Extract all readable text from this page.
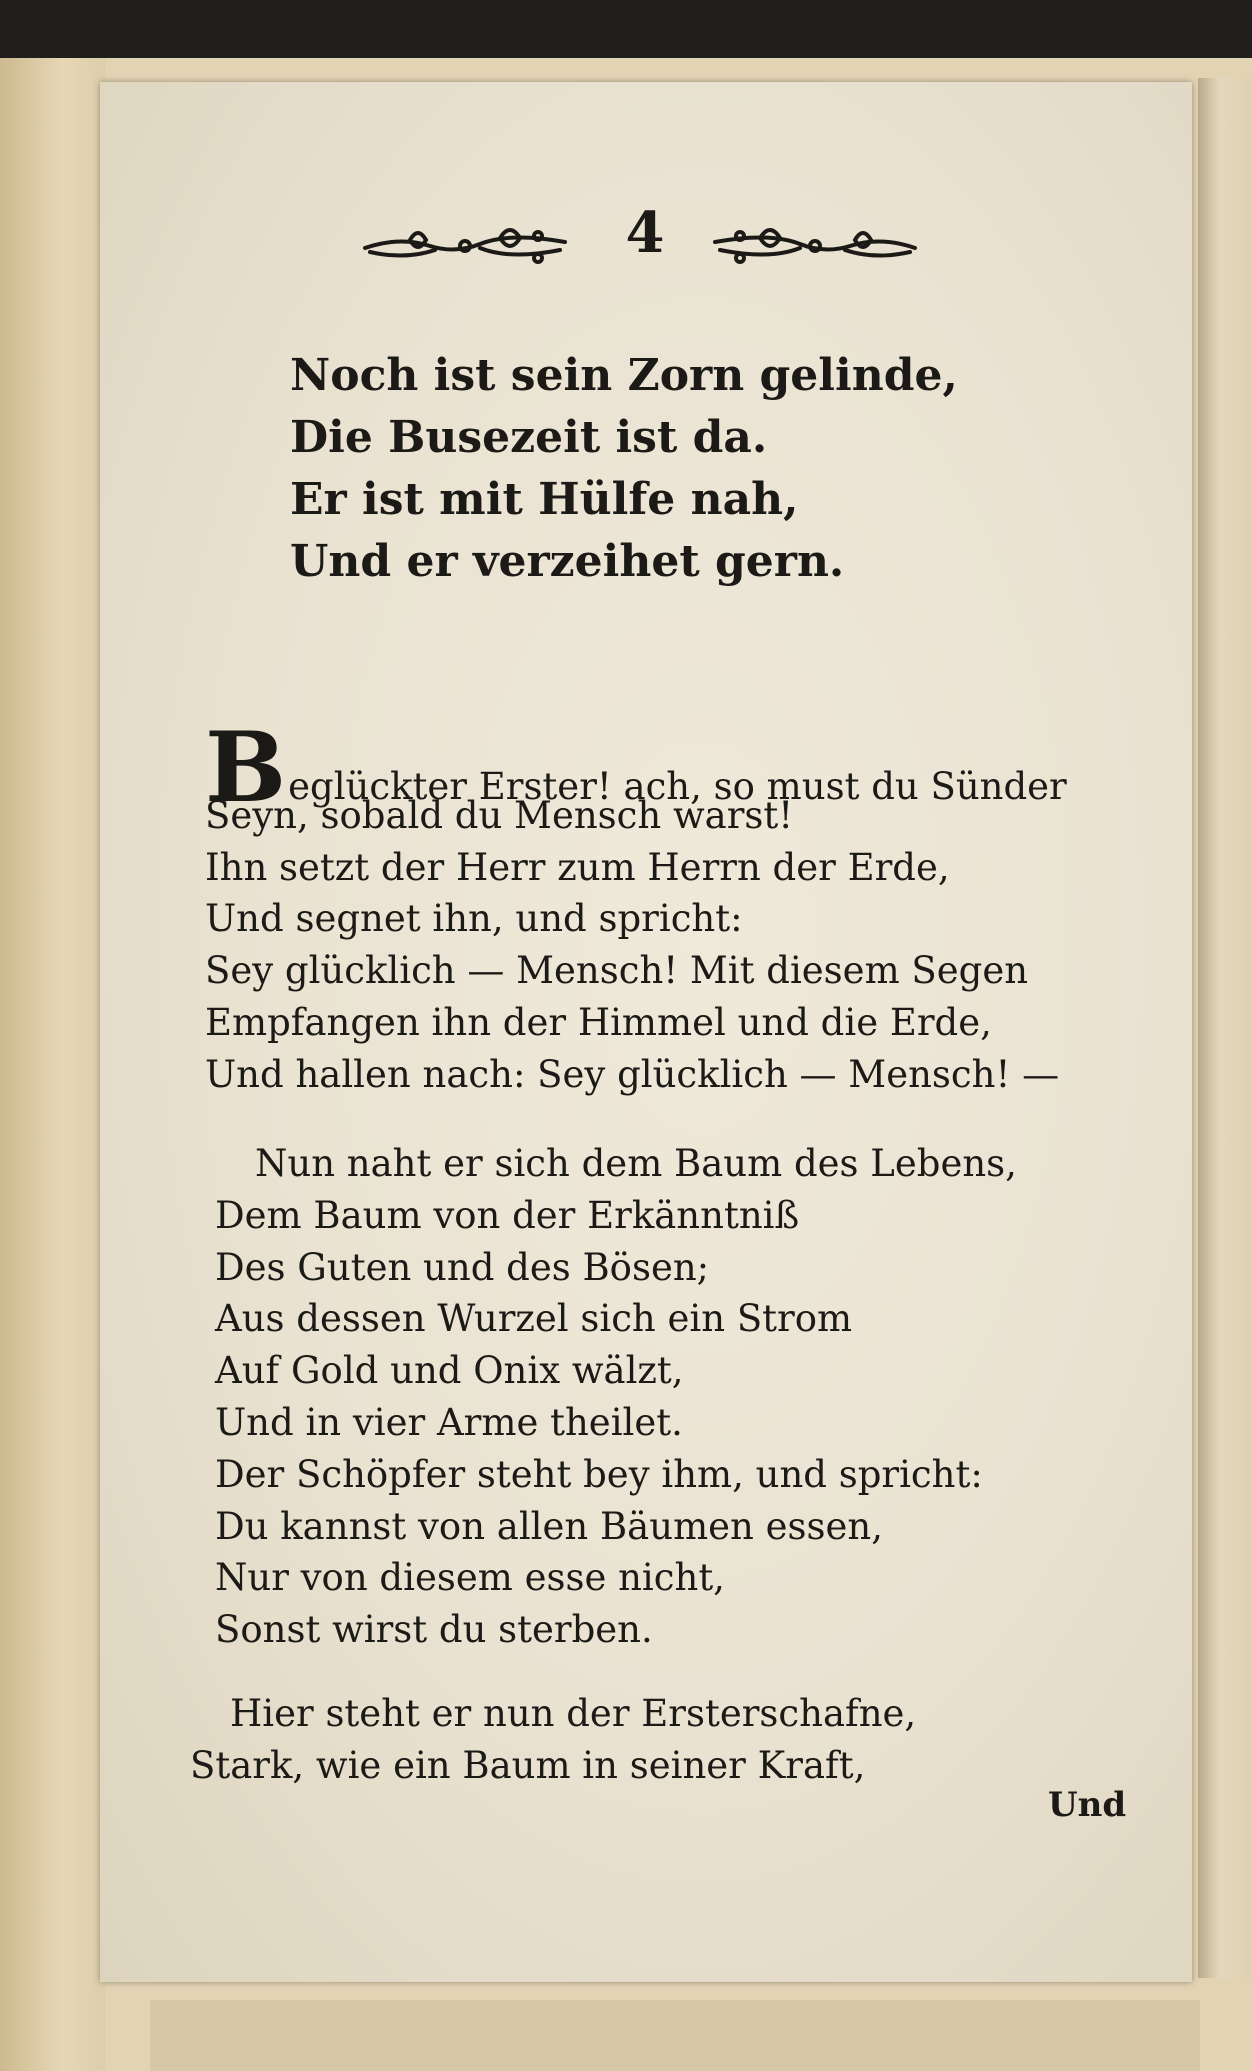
4
Noch ist sein Zorn gelinde,
Die Busezeit ist da.
Er ist mit Hülfe nah,
Und er verzeihet gern.
Beglückter Erster! ach, so must du Sünder
Seyn, sobald du Mensch warst!
Ihn setzt der Herr zum Herrn der Erde,
Und segnet ihn, und spricht:
Sey glücklich — Mensch! Mit diesem Segen
Empfangen ihn der Himmel und die Erde,
Und hallen nach: Sey glücklich — Mensch! —
Nun naht er sich dem Baum des Lebens,
Dem Baum von der Erkänntniß
Des Guten und des Bösen;
Aus dessen Wurzel sich ein Strom
Auf Gold und Onix wälzt,
Und in vier Arme theilet.
Der Schöpfer steht bey ihm, und spricht:
Du kannst von allen Bäumen essen,
Nur von diesem esse nicht,
Sonst wirst du sterben.
Hier steht er nun der Ersterschafne,
Stark, wie ein Baum in seiner Kraft,
Und
